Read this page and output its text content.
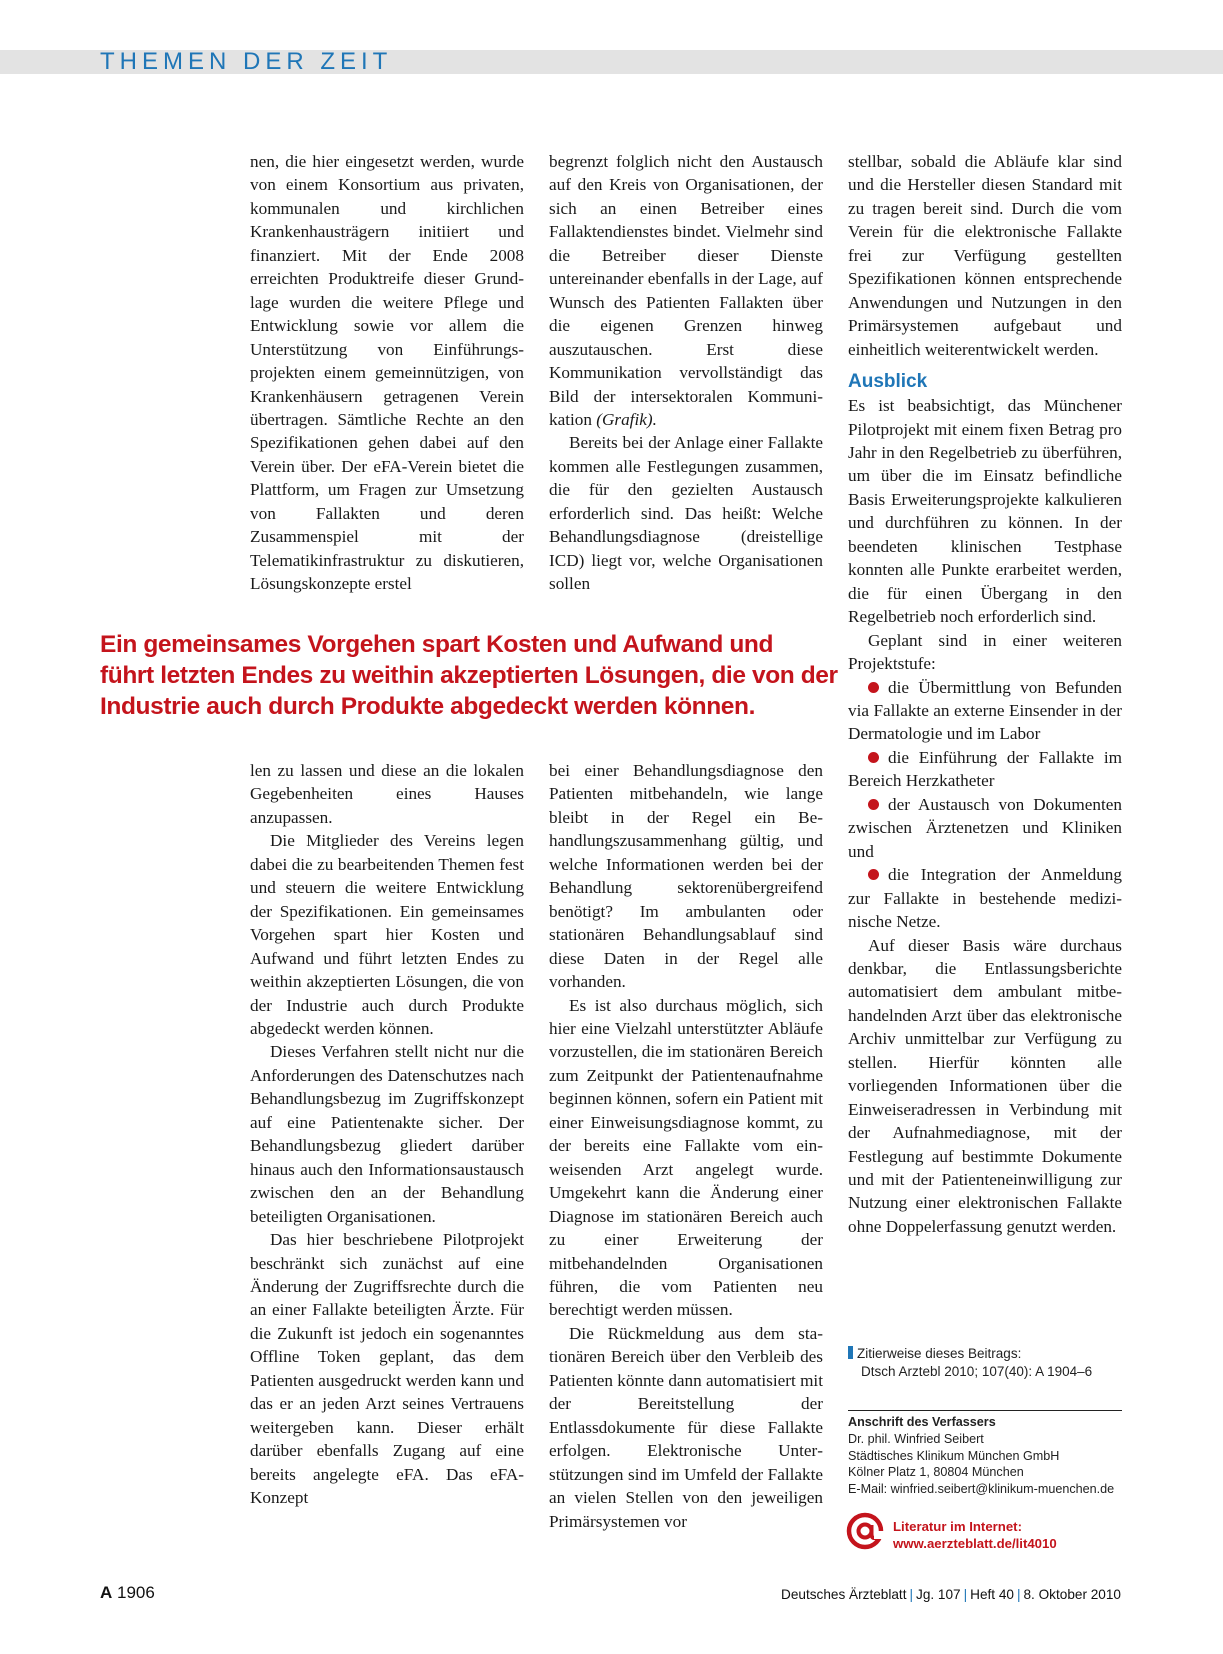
THEMEN DER ZEIT

nen, die hier eingesetzt werden, wurde von einem Konsortium aus privaten, kommunalen und kirchlichen Krankenhausträgern initiiert und finanziert. Mit der Ende 2008 erreichten Produktreife dieser Grundlage wurden die weitere Pflege und Entwicklung sowie vor allem die Unterstützung von Einführungsprojekten einem gemeinnützigen, von Krankenhäusern getragenen Verein übertragen. Sämtliche Rechte an den Spezifikationen gehen dabei auf den Verein über. Der eFA-Verein bietet die Plattform, um Fragen zur Umsetzung von Fallakten und deren Zusammenspiel mit der Telematikinfrastruktur zu diskutieren, Lösungskonzepte erstel

begrenzt folglich nicht den Austausch auf den Kreis von Organisationen, der sich an einen Betreiber eines Fallaktendienstes bindet. Vielmehr sind die Betreiber dieser Dienste untereinander ebenfalls in der Lage, auf Wunsch des Patienten Fallakten über die eigenen Grenzen hinweg auszutauschen. Erst diese Kommunikation vervollständigt das Bild der intersektoralen Kommunikation (Grafik).

Bereits bei der Anlage einer Fallakte kommen alle Festlegungen zusammen, die für den gezielten Austausch erforderlich sind. Das heißt: Welche Behandlungsdiagnose (dreistellige ICD) liegt vor, welche Organisationen sollen

Ein gemeinsames Vorgehen spart Kosten und Aufwand und
führt letzten Endes zu weithin akzeptierten Lösungen, die von der
Industrie auch durch Produkte abgedeckt werden können.

len zu lassen und diese an die lokalen Gegebenheiten eines Hauses anzupassen.

Die Mitglieder des Vereins legen dabei die zu bearbeitenden Themen fest und steuern die weitere Entwicklung der Spezifikationen. Ein gemeinsames Vorgehen spart hier Kosten und Aufwand und führt letzten Endes zu weithin akzeptierten Lösungen, die von der Industrie auch durch Produkte abgedeckt werden können.

Dieses Verfahren stellt nicht nur die Anforderungen des Datenschutzes nach Behandlungsbezug im Zugriffskonzept auf eine Patientenakte sicher. Der Behandlungsbezug gliedert darüber hinaus auch den Informationsaustausch zwischen den an der Behandlung beteiligten Organisationen.

Das hier beschriebene Pilotprojekt beschränkt sich zunächst auf eine Änderung der Zugriffsrechte durch die an einer Fallakte beteiligten Ärzte. Für die Zukunft ist jedoch ein sogenanntes Offline Token geplant, das dem Patienten ausgedruckt werden kann und das er an jeden Arzt seines Vertrauens weitergeben kann. Dieser erhält darüber ebenfalls Zugang auf eine bereits angelegte eFA. Das eFA-Konzept

bei einer Behandlungsdiagnose den Patienten mitbehandeln, wie lange bleibt in der Regel ein Behandlungszusammenhang gültig, und welche Informationen werden bei der Behandlung sektorenübergreifend benötigt? Im ambulanten oder stationären Behandlungsablauf sind diese Daten in der Regel alle vorhanden.

Es ist also durchaus möglich, sich hier eine Vielzahl unterstützter Abläufe vorzustellen, die im stationären Bereich zum Zeitpunkt der Patientenaufnahme beginnen können, sofern ein Patient mit einer Einweisungsdiagnose kommt, zu der bereits eine Fallakte vom einweisenden Arzt angelegt wurde. Umgekehrt kann die Änderung einer Diagnose im stationären Bereich auch zu einer Erweiterung der mitbehandelnden Organisationen führen, die vom Patienten neu berechtigt werden müssen.

Die Rückmeldung aus dem stationären Bereich über den Verbleib des Patienten könnte dann automatisiert mit der Bereitstellung der Entlassdokumente für diese Fallakte erfolgen. Elektronische Unterstützungen sind im Umfeld der Fallakte an vielen Stellen von den jeweiligen Primärsystemen vor

stellbar, sobald die Abläufe klar sind und die Hersteller diesen Standard mit zu tragen bereit sind. Durch die vom Verein für die elektronische Fallakte frei zur Verfügung gestellten Spezifikationen können entsprechende Anwendungen und Nutzungen in den Primärsystemen aufgebaut und einheitlich weiterentwickelt werden.

Ausblick

Es ist beabsichtigt, das Münchener Pilotprojekt mit einem fixen Betrag pro Jahr in den Regelbetrieb zu überführen, um über die im Einsatz befindliche Basis Erweiterungsprojekte kalkulieren und durchführen zu können. In der beendeten klinischen Testphase konnten alle Punkte erarbeitet werden, die für einen Übergang in den Regelbetrieb noch erforderlich sind.

Geplant sind in einer weiteren Projektstufe:

die Übermittlung von Befunden via Fallakte an externe Einsender in der Dermatologie und im Labor
die Einführung der Fallakte im Bereich Herzkatheter
der Austausch von Dokumenten zwischen Ärztenetzen und Kliniken und
die Integration der Anmeldung zur Fallakte in bestehende medizinische Netze.

Auf dieser Basis wäre durchaus denkbar, die Entlassungsberichte automatisiert dem ambulant mitbehandelnden Arzt über das elektronische Archiv unmittelbar zur Verfügung zu stellen. Hierfür könnten alle vorliegenden Informationen über die Einweiseradressen in Verbindung mit der Aufnahmediagnose, mit der Festlegung auf bestimmte Dokumente und mit der Patienteneinwilligung zur Nutzung einer elektronischen Fallakte ohne Doppelerfassung genutzt werden.

Zitierweise dieses Beitrags:
Dtsch Arztebl 2010; 107(40): A 1904–6
Anschrift des Verfassers
Dr. phil. Winfried Seibert
Städtisches Klinikum München GmbH
Kölner Platz 1, 80804 München
E-Mail: winfried.seibert@klinikum-muenchen.de
Literatur im Internet:
www.aerzteblatt.de/lit4010
A 1906	Deutsches Ärzteblatt | Jg. 107 | Heft 40 | 8. Oktober 2010
